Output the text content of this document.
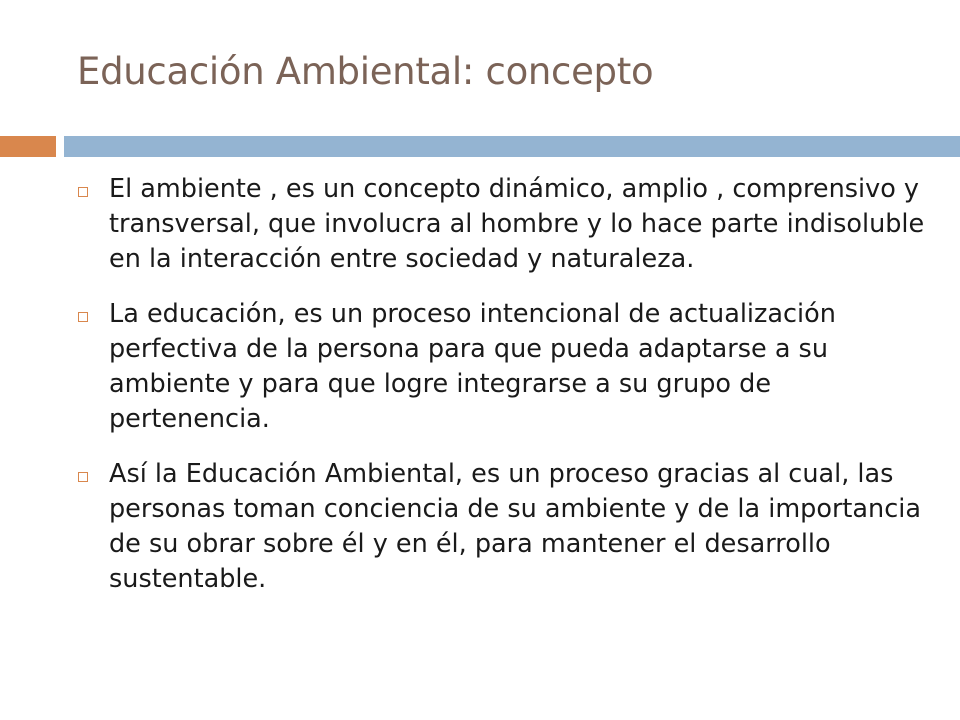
Educación Ambiental: concepto
El ambiente , es un concepto dinámico, amplio , comprensivo y transversal, que involucra al hombre y lo hace parte indisoluble en la interacción entre sociedad y naturaleza.
La educación, es un proceso intencional de actualización perfectiva de la persona para que pueda adaptarse a su ambiente y para que logre integrarse a su grupo de pertenencia.
Así la Educación Ambiental, es un proceso gracias al cual, las personas toman conciencia de su ambiente y de la importancia de su obrar sobre él y en él, para mantener el desarrollo sustentable.
